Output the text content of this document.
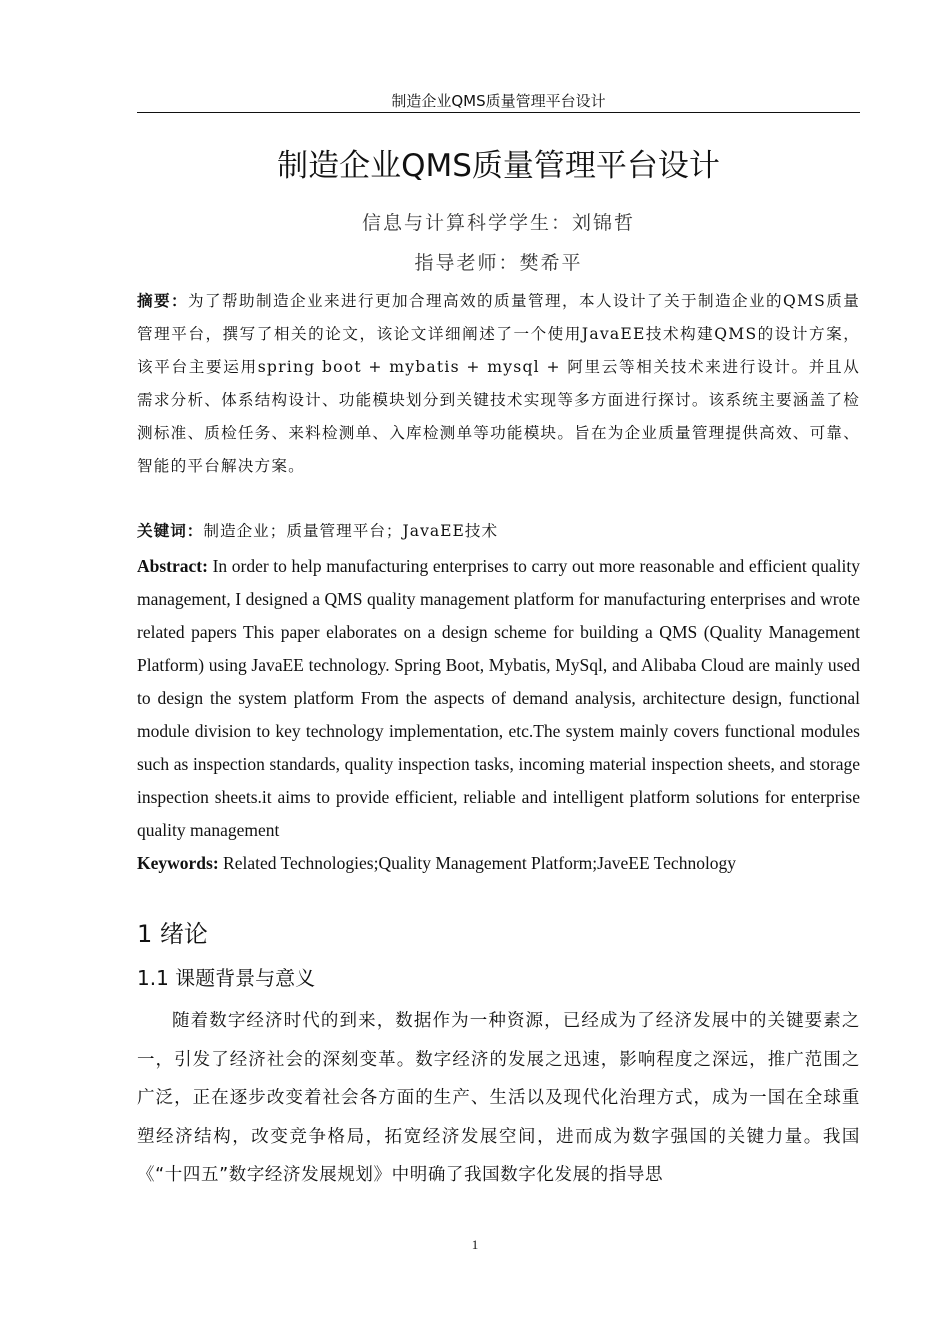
制造企业QMS质量管理平台设计
制造企业QMS质量管理平台设计
信息与计算科学学生：刘锦哲
指导老师：樊希平

摘要：为了帮助制造企业来进行更加合理高效的质量管理，本人设计了关于制造企业的QMS质量管理平台，撰写了相关的论文，该论文详细阐述了一个使用JavaEE技术构建QMS的设计方案，该平台主要运用spring boot + mybatis + mysql + 阿里云等相关技术来进行设计。并且从需求分析、体系结构设计、功能模块划分到关键技术实现等多方面进行探讨。该系统主要涵盖了检测标准、质检任务、来料检测单、入库检测单等功能模块。旨在为企业质量管理提供高效、可靠、智能的平台解决方案。

关键词：制造企业；质量管理平台；JavaEE技术

Abstract: In order to help manufacturing enterprises to carry out more reasonable and efficient quality management, I designed a QMS quality management platform for manufacturing enterprises and wrote related papers This paper elaborates on a design scheme for building a QMS (Quality Management Platform) using JavaEE technology. Spring Boot, Mybatis, MySql, and Alibaba Cloud are mainly used to design the system platform From the aspects of demand analysis, architecture design, functional module division to key technology implementation, etc.The system mainly covers functional modules such as inspection standards, quality inspection tasks, incoming material inspection sheets, and storage inspection sheets.it aims to provide efficient, reliable and intelligent platform solutions for enterprise quality management

Keywords: Related Technologies;Quality Management Platform;JaveEE Technology

1 绪论
1.1 课题背景与意义

随着数字经济时代的到来，数据作为一种资源，已经成为了经济发展中的关键要素之一，引发了经济社会的深刻变革。数字经济的发展之迅速，影响程度之深远，推广范围之广泛，正在逐步改变着社会各方面的生产、生活以及现代化治理方式，成为一国在全球重塑经济结构，改变竞争格局，拓宽经济发展空间，进而成为数字强国的关键力量。我国《“十四五”数字经济发展规划》中明确了我国数字化发展的指导思

1
